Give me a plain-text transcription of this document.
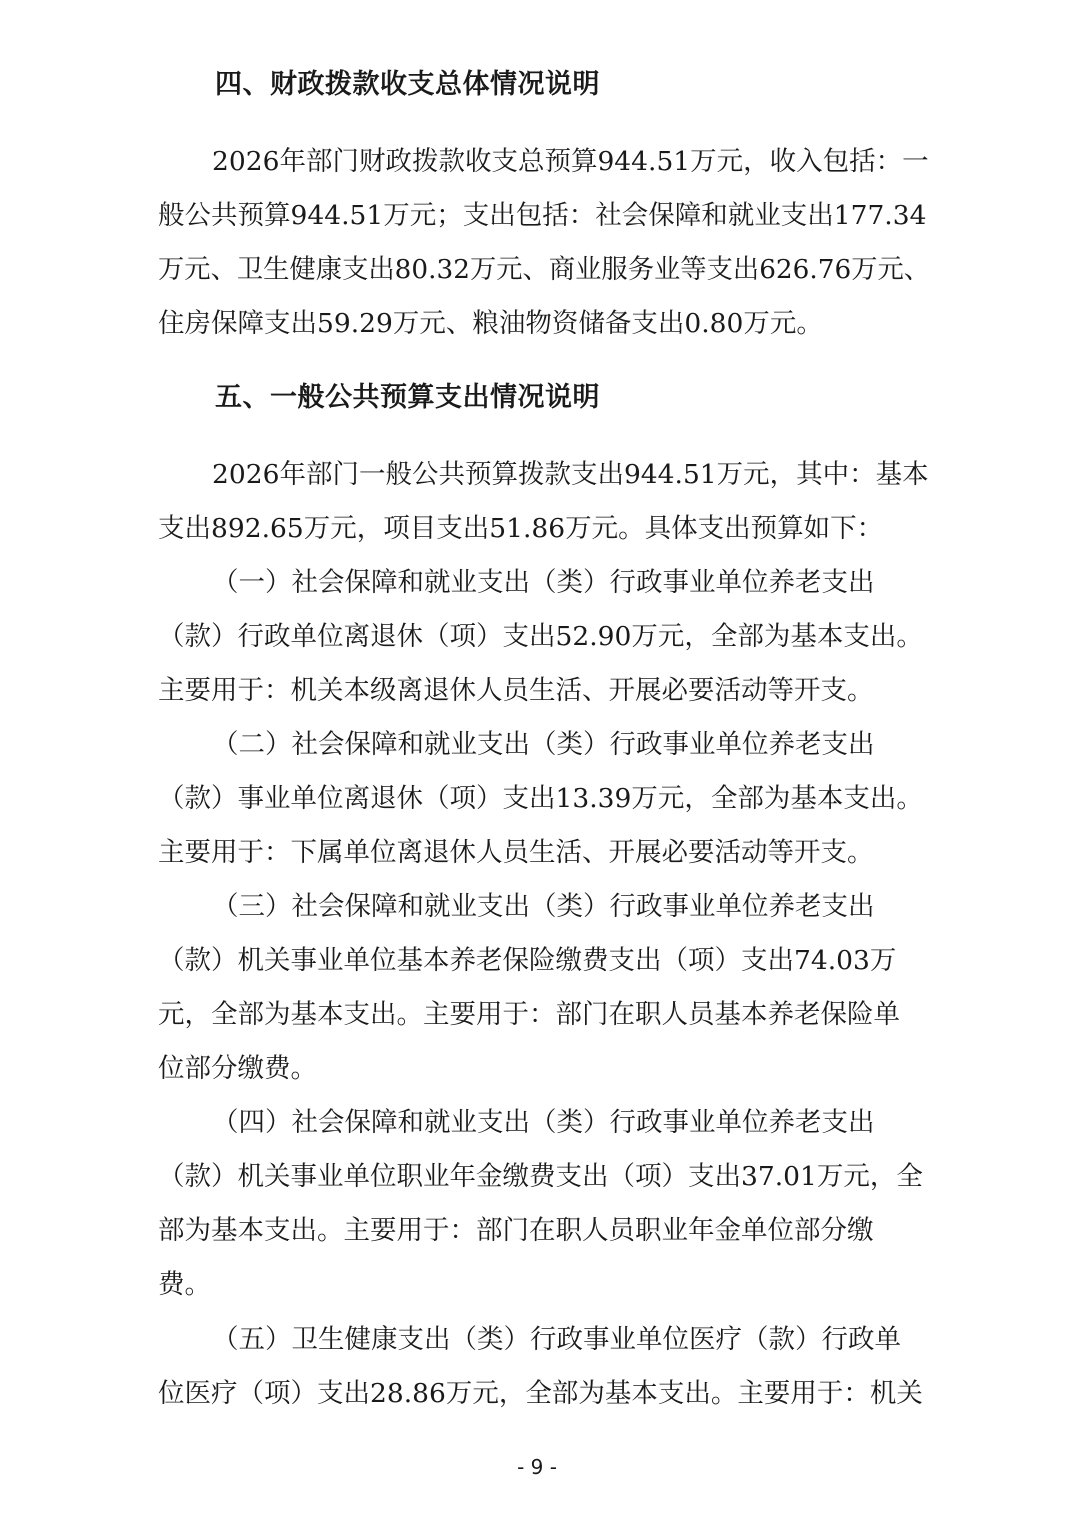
四、财政拨款收支总体情况说明
2026年部门财政拨款收支总预算944.51万元，收入包括：一
般公共预算944.51万元；支出包括：社会保障和就业支出177.34
万元、卫生健康支出80.32万元、商业服务业等支出626.76万元、
住房保障支出59.29万元、粮油物资储备支出0.80万元。
五、一般公共预算支出情况说明
2026年部门一般公共预算拨款支出944.51万元，其中：基本
支出892.65万元，项目支出51.86万元。具体支出预算如下：
（一）社会保障和就业支出（类）行政事业单位养老支出
（款）行政单位离退休（项）支出52.90万元，全部为基本支出。
主要用于：机关本级离退休人员生活、开展必要活动等开支。
（二）社会保障和就业支出（类）行政事业单位养老支出
（款）事业单位离退休（项）支出13.39万元，全部为基本支出。
主要用于：下属单位离退休人员生活、开展必要活动等开支。
（三）社会保障和就业支出（类）行政事业单位养老支出
（款）机关事业单位基本养老保险缴费支出（项）支出74.03万
元，全部为基本支出。主要用于：部门在职人员基本养老保险单
位部分缴费。
（四）社会保障和就业支出（类）行政事业单位养老支出
（款）机关事业单位职业年金缴费支出（项）支出37.01万元，全
部为基本支出。主要用于：部门在职人员职业年金单位部分缴
费。
（五）卫生健康支出（类）行政事业单位医疗（款）行政单
位医疗（项）支出28.86万元，全部为基本支出。主要用于：机关
- 9 -
